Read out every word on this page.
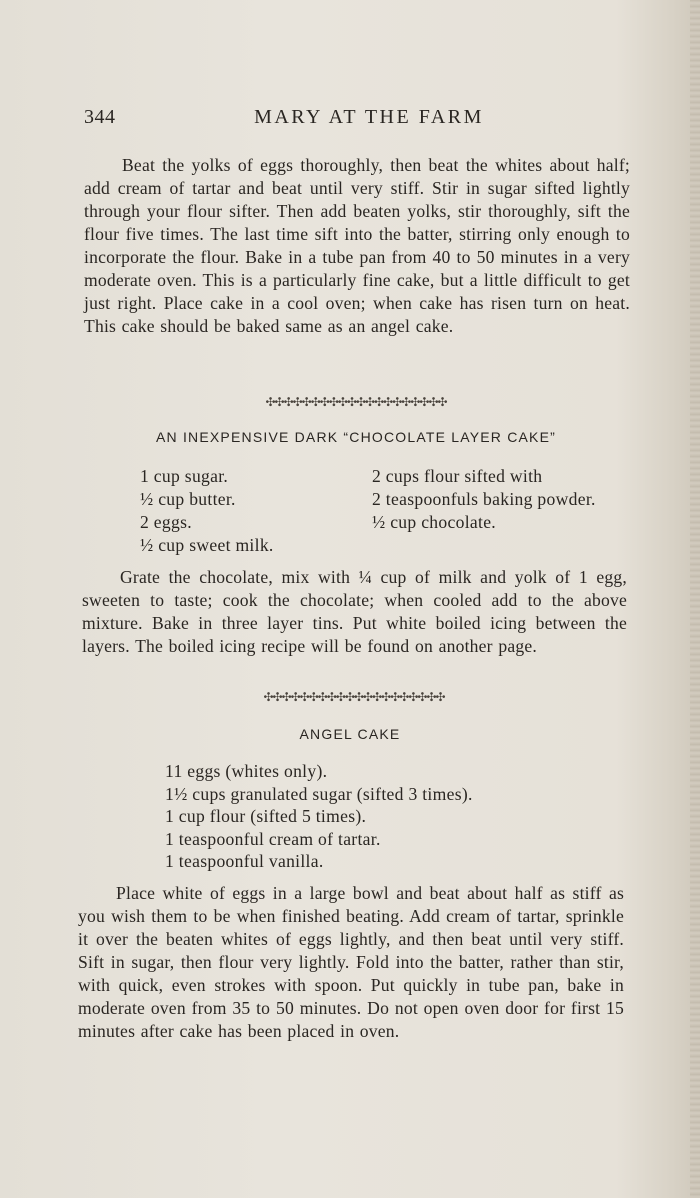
344	MARY AT THE FARM

Beat the yolks of eggs thoroughly, then beat the whites about half; add cream of tartar and beat until very stiff. Stir in sugar sifted lightly through your flour sifter. Then add beaten yolks, stir thoroughly, sift the flour five times. The last time sift into the batter, stirring only enough to incorporate the flour. Bake in a tube pan from 40 to 50 minutes in a very moderate oven. This is a particularly fine cake, but a little difficult to get just right. Place cake in a cool oven; when cake has risen turn on heat. This cake should be baked same as an angel cake.

✣✣✣✣✣✣✣✣✣✣✣✣✣✣✣✣✣✣✣✣
AN INEXPENSIVE DARK “CHOCOLATE LAYER CAKE”
1 cup sugar.
½ cup butter.
2 eggs.
½ cup sweet milk.
2 cups flour sifted with
2 teaspoonfuls baking powder.
½ cup chocolate.

Grate the chocolate, mix with ¼ cup of milk and yolk of 1 egg, sweeten to taste; cook the chocolate; when cooled add to the above mixture. Bake in three layer tins. Put white boiled icing between the layers. The boiled icing recipe will be found on another page.

✣✣✣✣✣✣✣✣✣✣✣✣✣✣✣✣✣✣✣✣
ANGEL CAKE
11 eggs (whites only).
1½ cups granulated sugar (sifted 3 times).
1 cup flour (sifted 5 times).
1 teaspoonful cream of tartar.
1 teaspoonful vanilla.

Place white of eggs in a large bowl and beat about half as stiff as you wish them to be when finished beating. Add cream of tartar, sprinkle it over the beaten whites of eggs lightly, and then beat until very stiff. Sift in sugar, then flour very lightly. Fold into the batter, rather than stir, with quick, even strokes with spoon. Put quickly in tube pan, bake in moderate oven from 35 to 50 minutes. Do not open oven door for first 15 minutes after cake has been placed in oven.
